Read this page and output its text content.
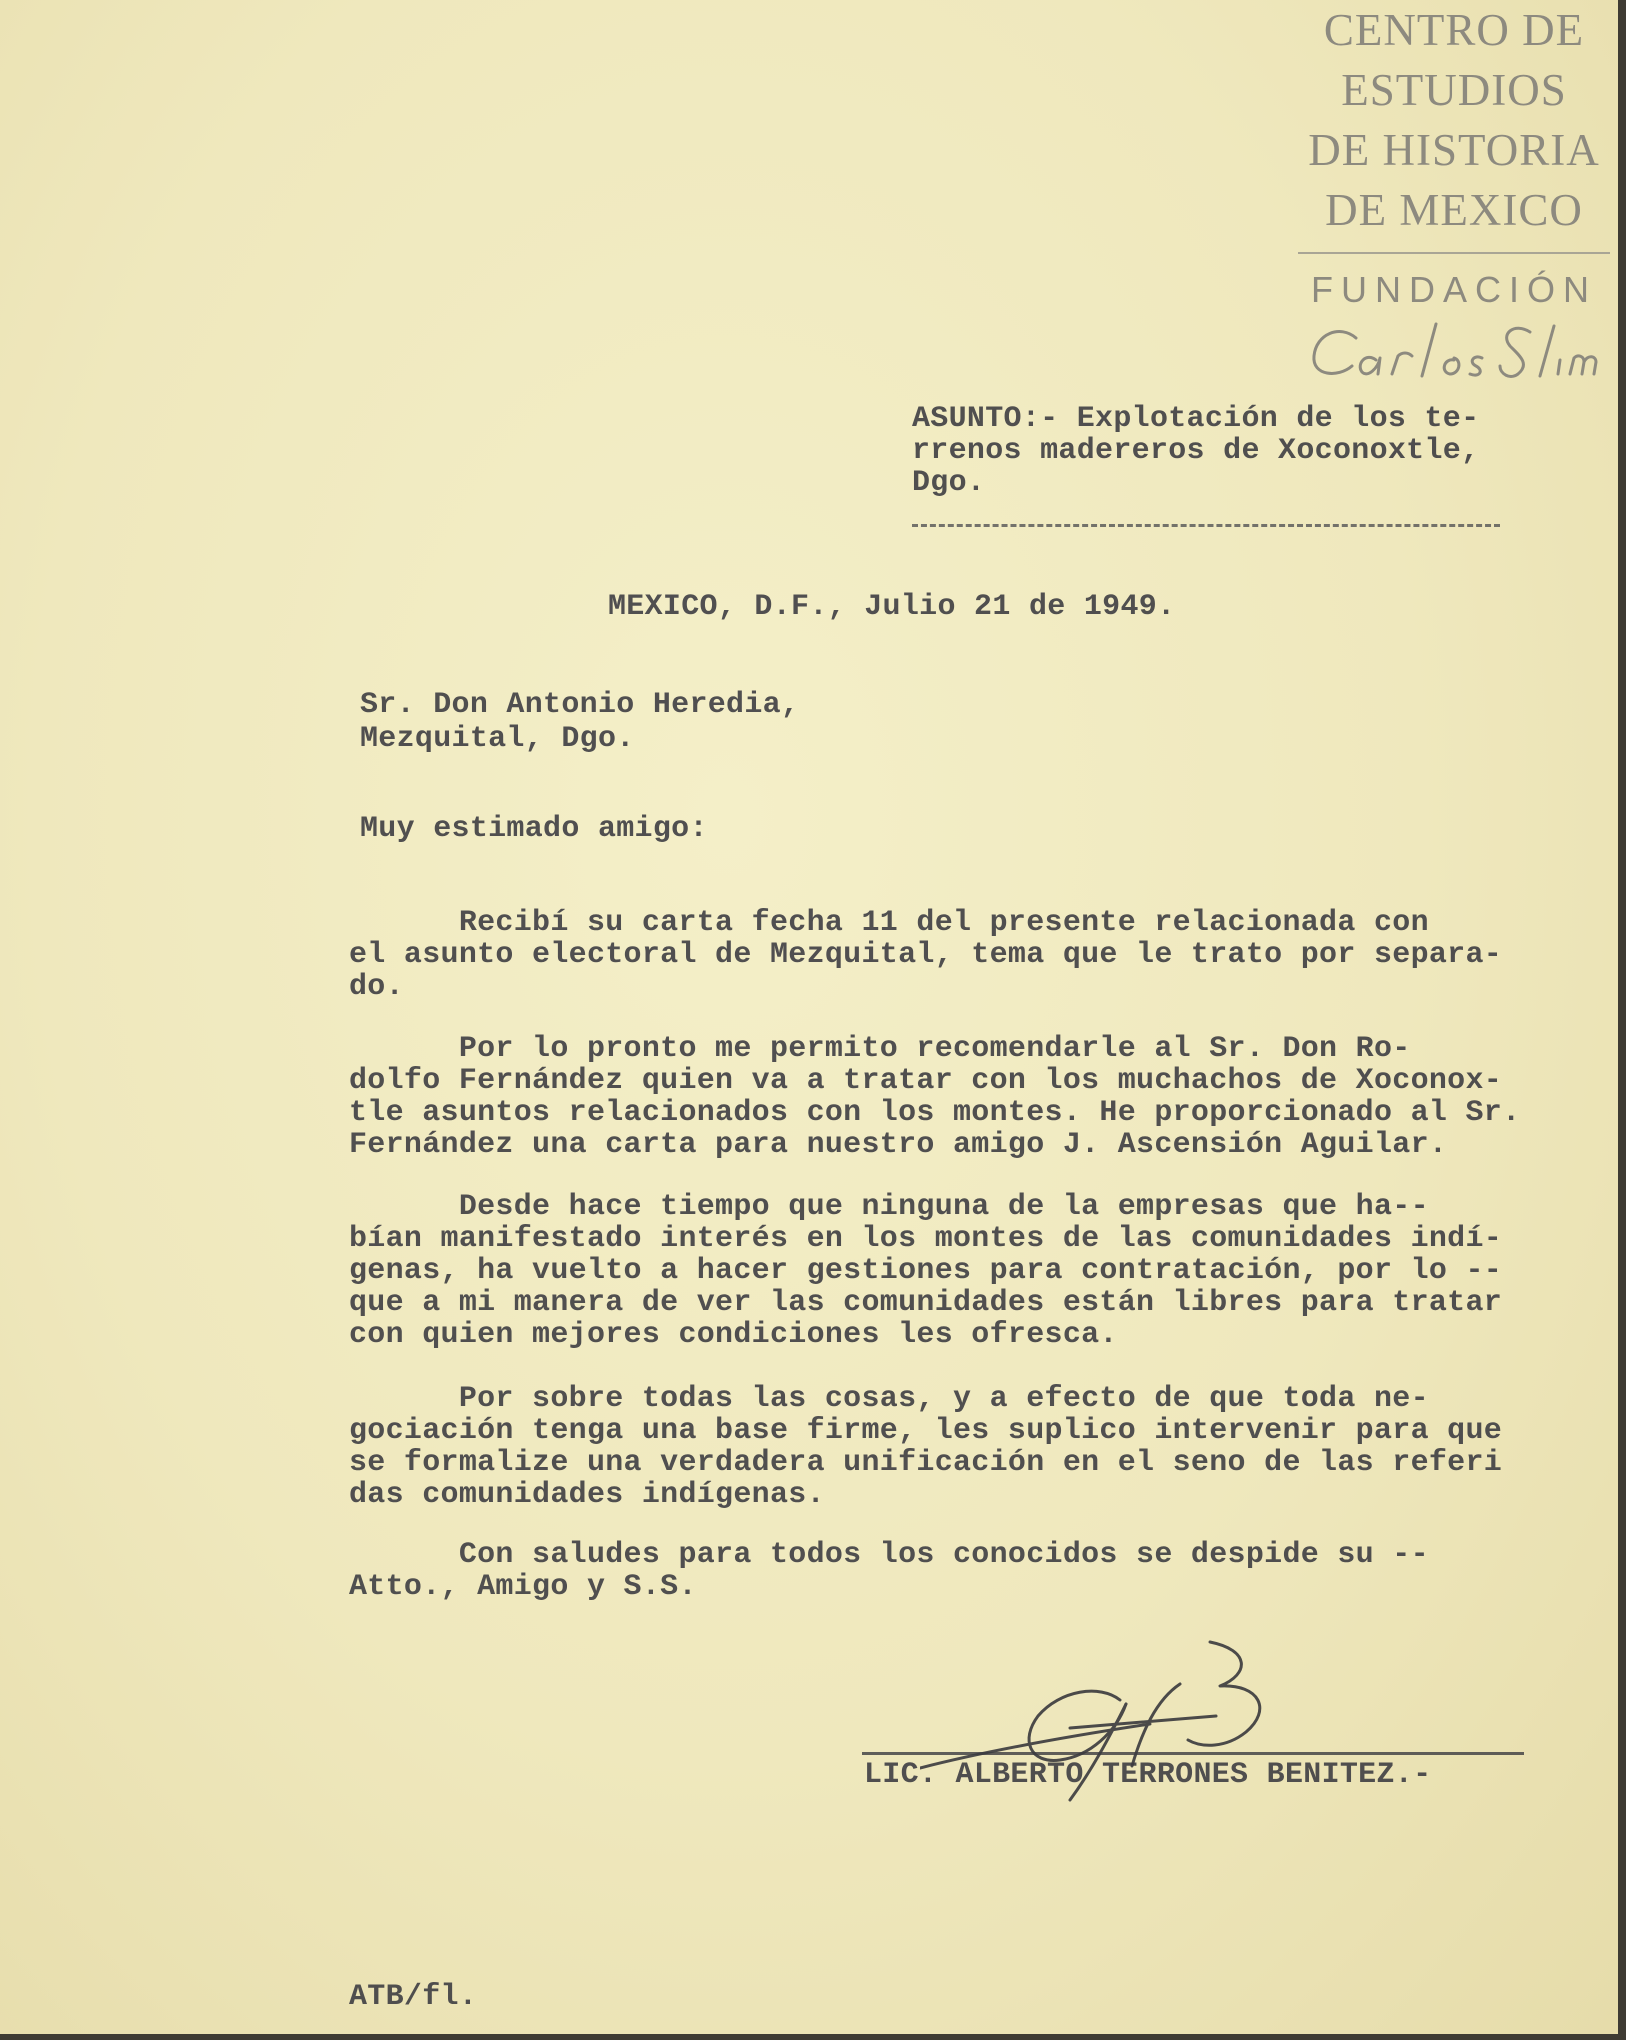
CENTRO DE
ESTUDIOS
DE HISTORIA
DE MEXICO
FUNDACIÓN
ASUNTO:- Explotación de los te-
rrenos madereros de Xoconoxtle,
Dgo.
MEXICO, D.F., Julio 21 de 1949.
Sr. Don Antonio Heredia,
Mezquital, Dgo.
Muy estimado amigo:
Recibí su carta fecha 11 del presente relacionada con
el asunto electoral de Mezquital, tema que le trato por separa-
do.
Por lo pronto me permito recomendarle al Sr. Don Ro-
dolfo Fernández quien va a tratar con los muchachos de Xoconox-
tle asuntos relacionados con los montes. He proporcionado al Sr.
Fernández una carta para nuestro amigo J. Ascensión Aguilar.
Desde hace tiempo que ninguna de la empresas que ha--
bían manifestado interés en los montes de las comunidades indí-
genas, ha vuelto a hacer gestiones para contratación, por lo --
que a mi manera de ver las comunidades están libres para tratar
con quien mejores condiciones les ofresca.
Por sobre todas las cosas, y a efecto de que toda ne-
gociación tenga una base firme, les suplico intervenir para que
se formalize una verdadera unificación en el seno de las referi
das comunidades indígenas.
Con saludes para todos los conocidos se despide su --
Atto., Amigo y S.S.
LIC. ALBERTO TERRONES BENITEZ.-
ATB/fl.
